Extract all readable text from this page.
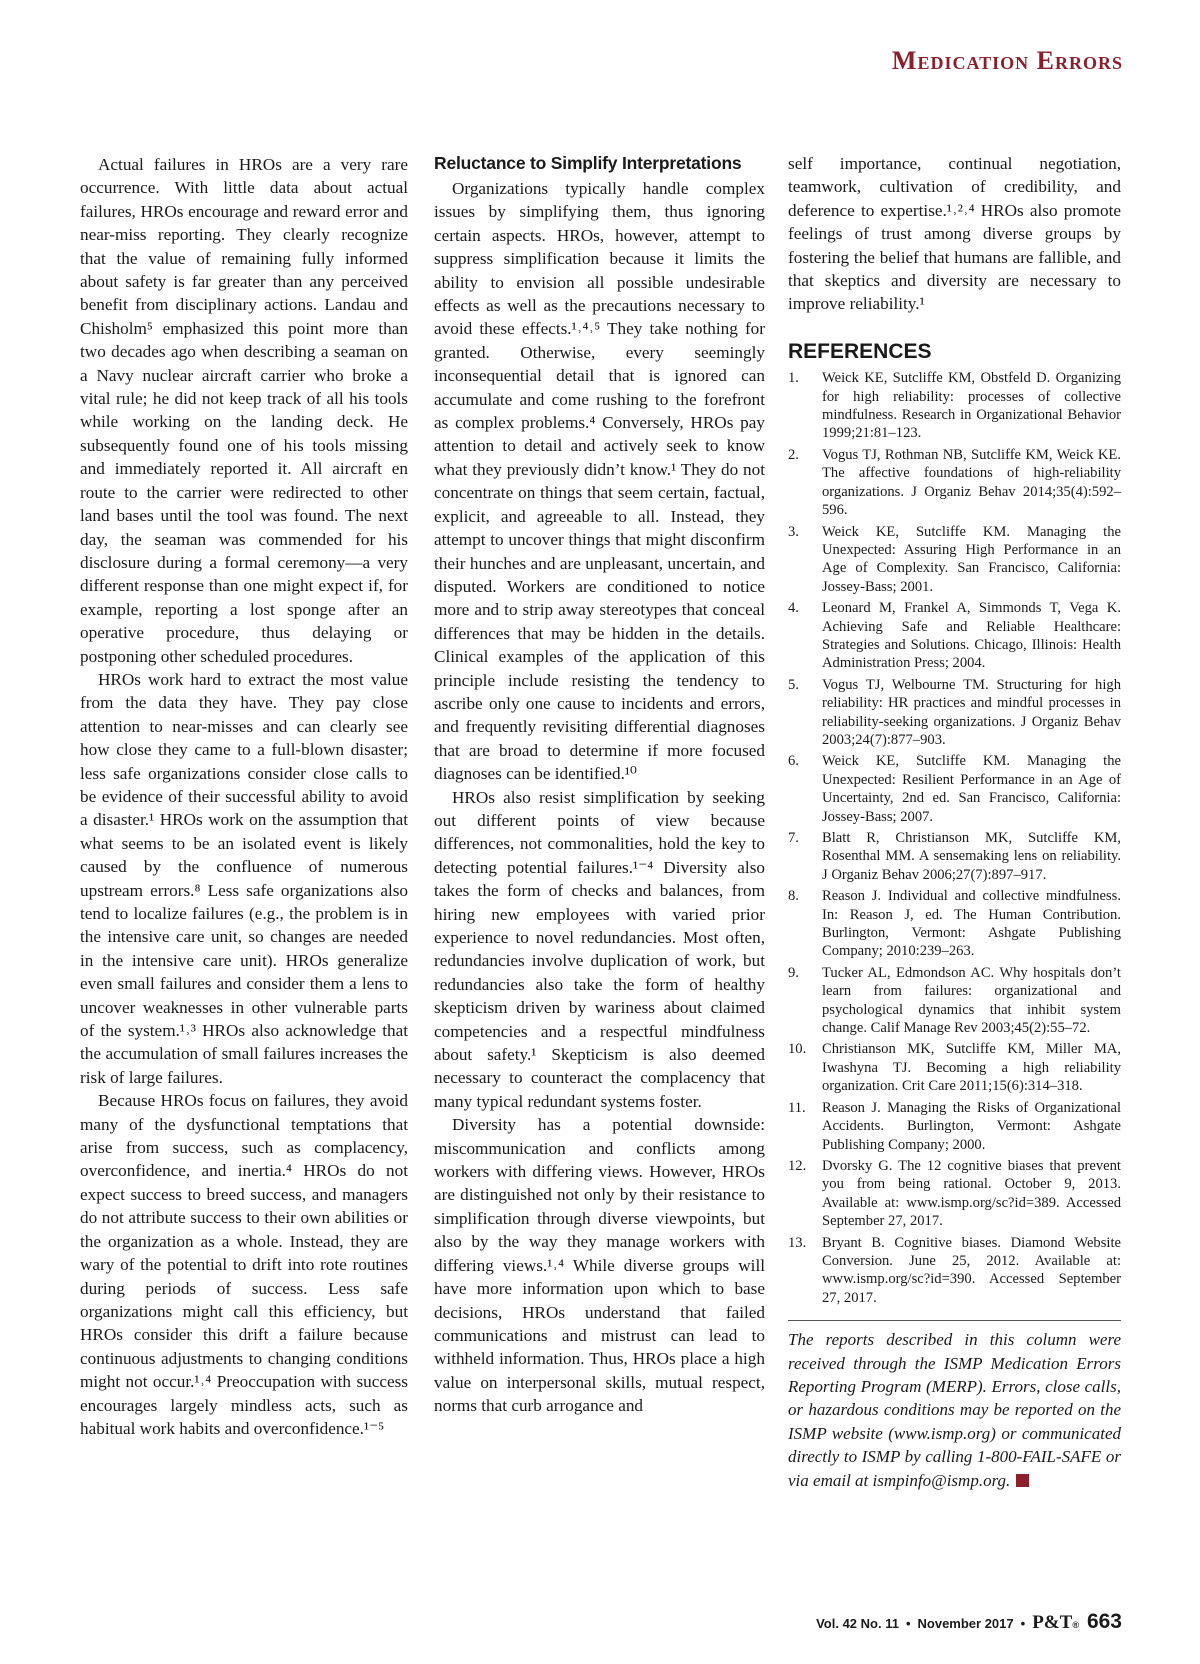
Medication Errors

Actual failures in HROs are a very rare occurrence. With little data about actual failures, HROs encourage and reward error and near-miss reporting. They clearly recognize that the value of remaining fully informed about safety is far greater than any perceived benefit from disciplinary actions. Landau and Chisholm⁵ emphasized this point more than two decades ago when describing a seaman on a Navy nuclear aircraft carrier who broke a vital rule; he did not keep track of all his tools while working on the landing deck. He subsequently found one of his tools missing and immediately reported it. All aircraft en route to the carrier were redirected to other land bases until the tool was found. The next day, the seaman was commended for his disclosure during a formal ceremony—a very different response than one might expect if, for example, reporting a lost sponge after an operative procedure, thus delaying or postponing other scheduled procedures.

HROs work hard to extract the most value from the data they have. They pay close attention to near-misses and can clearly see how close they came to a full-blown disaster; less safe organizations consider close calls to be evidence of their successful ability to avoid a disaster.¹ HROs work on the assumption that what seems to be an isolated event is likely caused by the confluence of numerous upstream errors.⁸ Less safe organizations also tend to localize failures (e.g., the problem is in the intensive care unit, so changes are needed in the intensive care unit). HROs generalize even small failures and consider them a lens to uncover weaknesses in other vulnerable parts of the system.¹˒³ HROs also acknowledge that the accumulation of small failures increases the risk of large failures.

Because HROs focus on failures, they avoid many of the dysfunctional temptations that arise from success, such as complacency, overconfidence, and inertia.⁴ HROs do not expect success to breed success, and managers do not attribute success to their own abilities or the organization as a whole. Instead, they are wary of the potential to drift into rote routines during periods of success. Less safe organizations might call this efficiency, but HROs consider this drift a failure because continuous adjustments to changing conditions might not occur.¹˒⁴ Preoccupation with success encourages largely mindless acts, such as habitual work habits and overconfidence.¹⁻⁵

Reluctance to Simplify Interpretations

Organizations typically handle complex issues by simplifying them, thus ignoring certain aspects. HROs, however, attempt to suppress simplification because it limits the ability to envision all possible undesirable effects as well as the precautions necessary to avoid these effects.¹˒⁴˒⁵ They take nothing for granted. Otherwise, every seemingly inconsequential detail that is ignored can accumulate and come rushing to the forefront as complex problems.⁴ Conversely, HROs pay attention to detail and actively seek to know what they previously didn’t know.¹ They do not concentrate on things that seem certain, factual, explicit, and agreeable to all. Instead, they attempt to uncover things that might disconfirm their hunches and are unpleasant, uncertain, and disputed. Workers are conditioned to notice more and to strip away stereotypes that conceal differences that may be hidden in the details. Clinical examples of the application of this principle include resisting the tendency to ascribe only one cause to incidents and errors, and frequently revisiting differential diagnoses that are broad to determine if more focused diagnoses can be identified.¹⁰

HROs also resist simplification by seeking out different points of view because differences, not commonalities, hold the key to detecting potential failures.¹⁻⁴ Diversity also takes the form of checks and balances, from hiring new employees with varied prior experience to novel redundancies. Most often, redundancies involve duplication of work, but redundancies also take the form of healthy skepticism driven by wariness about claimed competencies and a respectful mindfulness about safety.¹ Skepticism is also deemed necessary to counteract the complacency that many typical redundant systems foster.

Diversity has a potential downside: miscommunication and conflicts among workers with differing views. However, HROs are distinguished not only by their resistance to simplification through diverse viewpoints, but also by the way they manage workers with differing views.¹˒⁴ While diverse groups will have more information upon which to base decisions, HROs understand that failed communications and mistrust can lead to withheld information. Thus, HROs place a high value on interpersonal skills, mutual respect, norms that curb arrogance and

self importance, continual negotiation, teamwork, cultivation of credibility, and deference to expertise.¹˒²˒⁴ HROs also promote feelings of trust among diverse groups by fostering the belief that humans are fallible, and that skeptics and diversity are necessary to improve reliability.¹

REFERENCES
1.	Weick KE, Sutcliffe KM, Obstfeld D. Organizing for high reliability: processes of collective mindfulness. Research in Organizational Behavior 1999;21:81–123.
2.	Vogus TJ, Rothman NB, Sutcliffe KM, Weick KE. The affective foundations of high-reliability organizations. J Organiz Behav 2014;35(4):592–596.
3.	Weick KE, Sutcliffe KM. Managing the Unexpected: Assuring High Performance in an Age of Complexity. San Francisco, California: Jossey-Bass; 2001.
4.	Leonard M, Frankel A, Simmonds T, Vega K. Achieving Safe and Reliable Healthcare: Strategies and Solutions. Chicago, Illinois: Health Administration Press; 2004.
5.	Vogus TJ, Welbourne TM. Structuring for high reliability: HR practices and mindful processes in reliability-seeking organizations. J Organiz Behav 2003;24(7):877–903.
6.	Weick KE, Sutcliffe KM. Managing the Unexpected: Resilient Performance in an Age of Uncertainty, 2nd ed. San Francisco, California: Jossey-Bass; 2007.
7.	Blatt R, Christianson MK, Sutcliffe KM, Rosenthal MM. A sensemaking lens on reliability. J Organiz Behav 2006;27(7):897–917.
8.	Reason J. Individual and collective mindfulness. In: Reason J, ed. The Human Contribution. Burlington, Vermont: Ashgate Publishing Company; 2010:239–263.
9.	Tucker AL, Edmondson AC. Why hospitals don’t learn from failures: organizational and psychological dynamics that inhibit system change. Calif Manage Rev 2003;45(2):55–72.
10.	Christianson MK, Sutcliffe KM, Miller MA, Iwashyna TJ. Becoming a high reliability organization. Crit Care 2011;15(6):314–318.
11.	Reason J. Managing the Risks of Organizational Accidents. Burlington, Vermont: Ashgate Publishing Company; 2000.
12.	Dvorsky G. The 12 cognitive biases that prevent you from being rational. October 9, 2013. Available at: www.ismp.org/sc?id=389. Accessed September 27, 2017.
13.	Bryant B. Cognitive biases. Diamond Website Conversion. June 25, 2012. Available at: www.ismp.org/sc?id=390. Accessed September 27, 2017.
The reports described in this column were received through the ISMP Medication Errors Reporting Program (MERP). Errors, close calls, or hazardous conditions may be reported on the ISMP website (www.ismp.org) or communicated directly to ISMP by calling 1-800-FAIL-SAFE or via email at ismpinfo@ismp.org.
Vol. 42 No. 11 • November 2017 • P&T ® 663
